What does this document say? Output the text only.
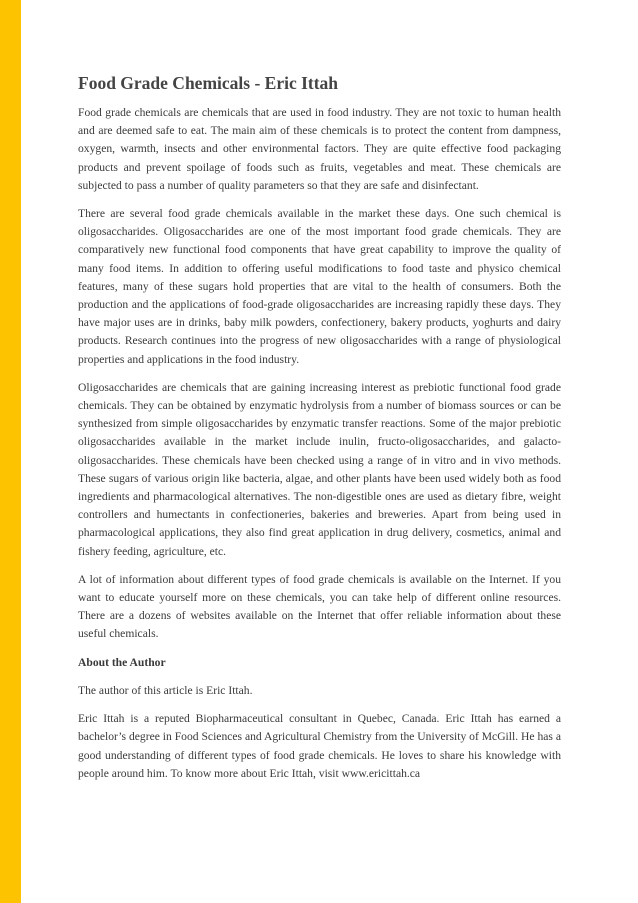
Food Grade Chemicals - Eric Ittah

Food grade chemicals are chemicals that are used in food industry. They are not toxic to human health and are deemed safe to eat. The main aim of these chemicals is to protect the content from dampness, oxygen, warmth, insects and other environmental factors. They are quite effective food packaging products and prevent spoilage of foods such as fruits, vegetables and meat. These chemicals are subjected to pass a number of quality parameters so that they are safe and disinfectant.

There are several food grade chemicals available in the market these days. One such chemical is oligosaccharides. Oligosaccharides are one of the most important food grade chemicals. They are comparatively new functional food components that have great capability to improve the quality of many food items. In addition to offering useful modifications to food taste and physico chemical features, many of these sugars hold properties that are vital to the health of consumers. Both the production and the applications of food-grade oligosaccharides are increasing rapidly these days. They have major uses are in drinks, baby milk powders, confectionery, bakery products, yoghurts and dairy products. Research continues into the progress of new oligosaccharides with a range of physiological properties and applications in the food industry.

Oligosaccharides are chemicals that are gaining increasing interest as prebiotic functional food grade chemicals. They can be obtained by enzymatic hydrolysis from a number of biomass sources or can be synthesized from simple oligosaccharides by enzymatic transfer reactions. Some of the major prebiotic oligosaccharides available in the market include inulin, fructo-oligosaccharides, and galacto-oligosaccharides. These chemicals have been checked using a range of in vitro and in vivo methods. These sugars of various origin like bacteria, algae, and other plants have been used widely both as food ingredients and pharmacological alternatives. The non-digestible ones are used as dietary fibre, weight controllers and humectants in confectioneries, bakeries and breweries. Apart from being used in pharmacological applications, they also find great application in drug delivery, cosmetics, animal and fishery feeding, agriculture, etc.

A lot of information about different types of food grade chemicals is available on the Internet. If you want to educate yourself more on these chemicals, you can take help of different online resources. There are a dozens of websites available on the Internet that offer reliable information about these useful chemicals.

About the Author

The author of this article is Eric Ittah.

Eric Ittah is a reputed Biopharmaceutical consultant in Quebec, Canada. Eric Ittah has earned a bachelor’s degree in Food Sciences and Agricultural Chemistry from the University of McGill. He has a good understanding of different types of food grade chemicals. He loves to share his knowledge with people around him. To know more about Eric Ittah, visit www.ericittah.ca
